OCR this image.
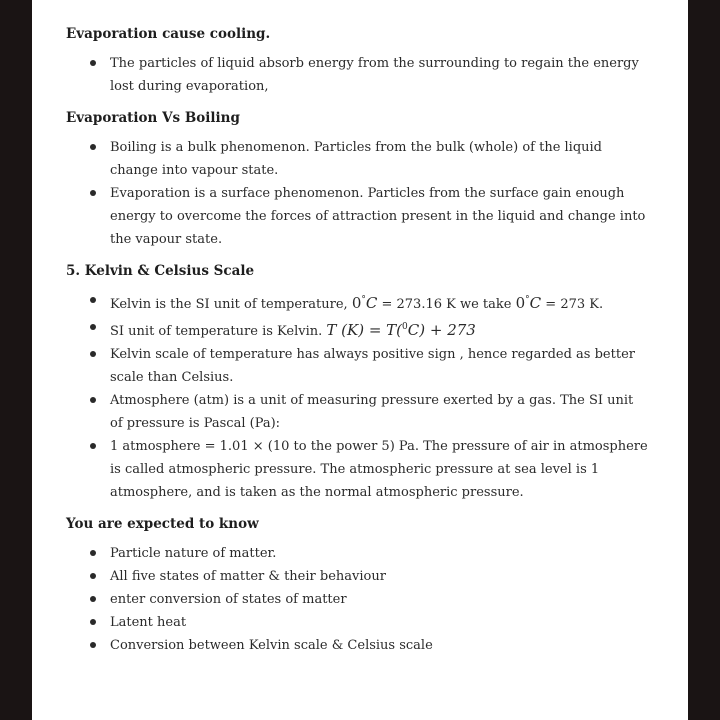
Evaporation cause cooling.
The particles of liquid absorb energy from the surrounding to regain the energy lost during evaporation,
Evaporation Vs Boiling
Boiling is a bulk phenomenon. Particles from the bulk (whole) of the liquid change into vapour state.
Evaporation is a surface phenomenon. Particles from the surface gain enough energy to overcome the forces of attraction present in the liquid and change into the vapour state.
5. Kelvin & Celsius Scale
Kelvin is the SI unit of temperature, 0°C = 273.16 K we take 0°C = 273 K.
SI unit of temperature is Kelvin. T (K) = T($^0$C) + 273
Kelvin scale of temperature has always positive sign , hence regarded as better scale than Celsius.
Atmosphere (atm) is a unit of measuring pressure exerted by a gas. The SI unit of pressure is Pascal (Pa):
1 atmosphere = 1.01 × (10 to the power 5) Pa. The pressure of air in atmosphere is called atmospheric pressure. The atmospheric pressure at sea level is 1 atmosphere, and is taken as the normal atmospheric pressure.
You are expected to know
Particle nature of matter.
All five states of matter & their behaviour
enter conversion of states of matter
Latent heat
Conversion between Kelvin scale & Celsius scale
